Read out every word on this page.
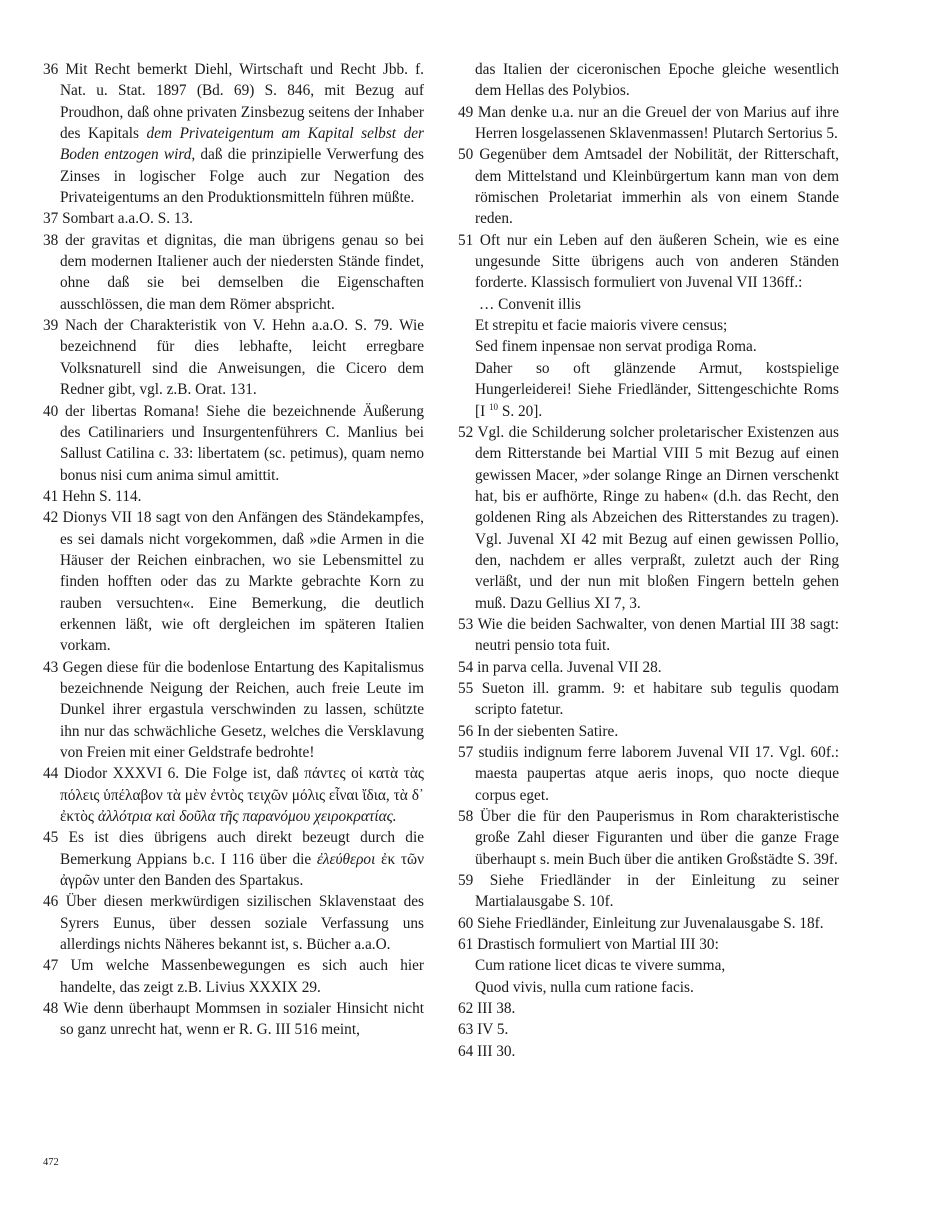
36 Mit Recht bemerkt Diehl, Wirtschaft und Recht Jbb. f. Nat. u. Stat. 1897 (Bd. 69) S. 846, mit Bezug auf Proudhon, daß ohne privaten Zinsbezug seitens der Inhaber des Kapitals dem Privateigentum am Kapital selbst der Boden entzogen wird, daß die prinzipielle Verwerfung des Zinses in logischer Folge auch zur Negation des Privateigentums an den Produktionsmitteln führen müßte.

37 Sombart a.a.O. S. 13.

38 der gravitas et dignitas, die man übrigens genau so bei dem modernen Italiener auch der niedersten Stände findet, ohne daß sie bei demselben die Eigenschaften ausschlössen, die man dem Römer abspricht.

39 Nach der Charakteristik von V. Hehn a.a.O. S. 79. Wie bezeichnend für dies lebhafte, leicht erregbare Volksnaturell sind die Anweisungen, die Cicero dem Redner gibt, vgl. z.B. Orat. 131.

40 der libertas Romana! Siehe die bezeichnende Äußerung des Catilinariers und Insurgentenführers C. Manlius bei Sallust Catilina c. 33: libertatem (sc. petimus), quam nemo bonus nisi cum anima simul amittit.

41 Hehn S. 114.

42 Dionys VII 18 sagt von den Anfängen des Ständekampfes, es sei damals nicht vorgekommen, daß »die Armen in die Häuser der Reichen einbrachen, wo sie Lebensmittel zu finden hofften oder das zu Markte gebrachte Korn zu rauben versuchten«. Eine Bemerkung, die deutlich erkennen läßt, wie oft dergleichen im späteren Italien vorkam.

43 Gegen diese für die bodenlose Entartung des Kapitalismus bezeichnende Neigung der Reichen, auch freie Leute im Dunkel ihrer ergastula verschwinden zu lassen, schützte ihn nur das schwächliche Gesetz, welches die Versklavung von Freien mit einer Geldstrafe bedrohte!

44 Diodor XXXVI 6. Die Folge ist, daß πάντες οἱ κατὰ τὰς πόλεις ὑπέλαβον τὰ μὲν ἐντὸς τειχῶν μόλις εἶναι ἴδια, τὰ δ᾽ ἐκτὸς ἀλλότρια καὶ δοῦλα τῆς παρανόμου χειροκρατίας.

45 Es ist dies übrigens auch direkt bezeugt durch die Bemerkung Appians b.c. I 116 über die ἐλεύθεροι ἐκ τῶν ἀγρῶν unter den Banden des Spartakus.

46 Über diesen merkwürdigen sizilischen Sklavenstaat des Syrers Eunus, über dessen soziale Verfassung uns allerdings nichts Näheres bekannt ist, s. Bücher a.a.O.

47 Um welche Massenbewegungen es sich auch hier handelte, das zeigt z.B. Livius XXXIX 29.

48 Wie denn überhaupt Mommsen in sozialer Hinsicht nicht so ganz unrecht hat, wenn er R. G. III 516 meint,

das Italien der ciceronischen Epoche gleiche wesentlich dem Hellas des Polybios.

49 Man denke u.a. nur an die Greuel der von Marius auf ihre Herren losgelassenen Sklavenmassen! Plutarch Sertorius 5.

50 Gegenüber dem Amtsadel der Nobilität, der Ritterschaft, dem Mittelstand und Kleinbürgertum kann man von dem römischen Proletariat immerhin als von einem Stande reden.

51 Oft nur ein Leben auf den äußeren Schein, wie es eine ungesunde Sitte übrigens auch von anderen Ständen forderte. Klassisch formuliert von Juvenal VII 136ff.:

… Convenit illis

Et strepitu et facie maioris vivere census;

Sed finem inpensae non servat prodiga Roma.

Daher so oft glänzende Armut, kostspielige Hungerleiderei! Siehe Friedländer, Sittengeschichte Roms [I $^{10}$ S. 20].

52 Vgl. die Schilderung solcher proletarischer Existenzen aus dem Ritterstande bei Martial VIII 5 mit Bezug auf einen gewissen Macer, »der solange Ringe an Dirnen verschenkt hat, bis er aufhörte, Ringe zu haben« (d.h. das Recht, den goldenen Ring als Abzeichen des Ritterstandes zu tragen). Vgl. Juvenal XI 42 mit Bezug auf einen gewissen Pollio, den, nachdem er alles verpraßt, zuletzt auch der Ring verläßt, und der nun mit bloßen Fingern betteln gehen muß. Dazu Gellius XI 7, 3.

53 Wie die beiden Sachwalter, von denen Martial III 38 sagt: neutri pensio tota fuit.

54 in parva cella. Juvenal VII 28.

55 Sueton ill. gramm. 9: et habitare sub tegulis quodam scripto fatetur.

56 In der siebenten Satire.

57 studiis indignum ferre laborem Juvenal VII 17. Vgl. 60f.: maesta paupertas atque aeris inops, quo nocte dieque corpus eget.

58 Über die für den Pauperismus in Rom charakteristische große Zahl dieser Figuranten und über die ganze Frage überhaupt s. mein Buch über die antiken Großstädte S. 39f.

59 Siehe Friedländer in der Einleitung zu seiner Martialausgabe S. 10f.

60 Siehe Friedländer, Einleitung zur Juvenalausgabe S. 18f.

61 Drastisch formuliert von Martial III 30:

Cum ratione licet dicas te vivere summa,

Quod vivis, nulla cum ratione facis.

62 III 38.

63 IV 5.

64 III 30.

472
